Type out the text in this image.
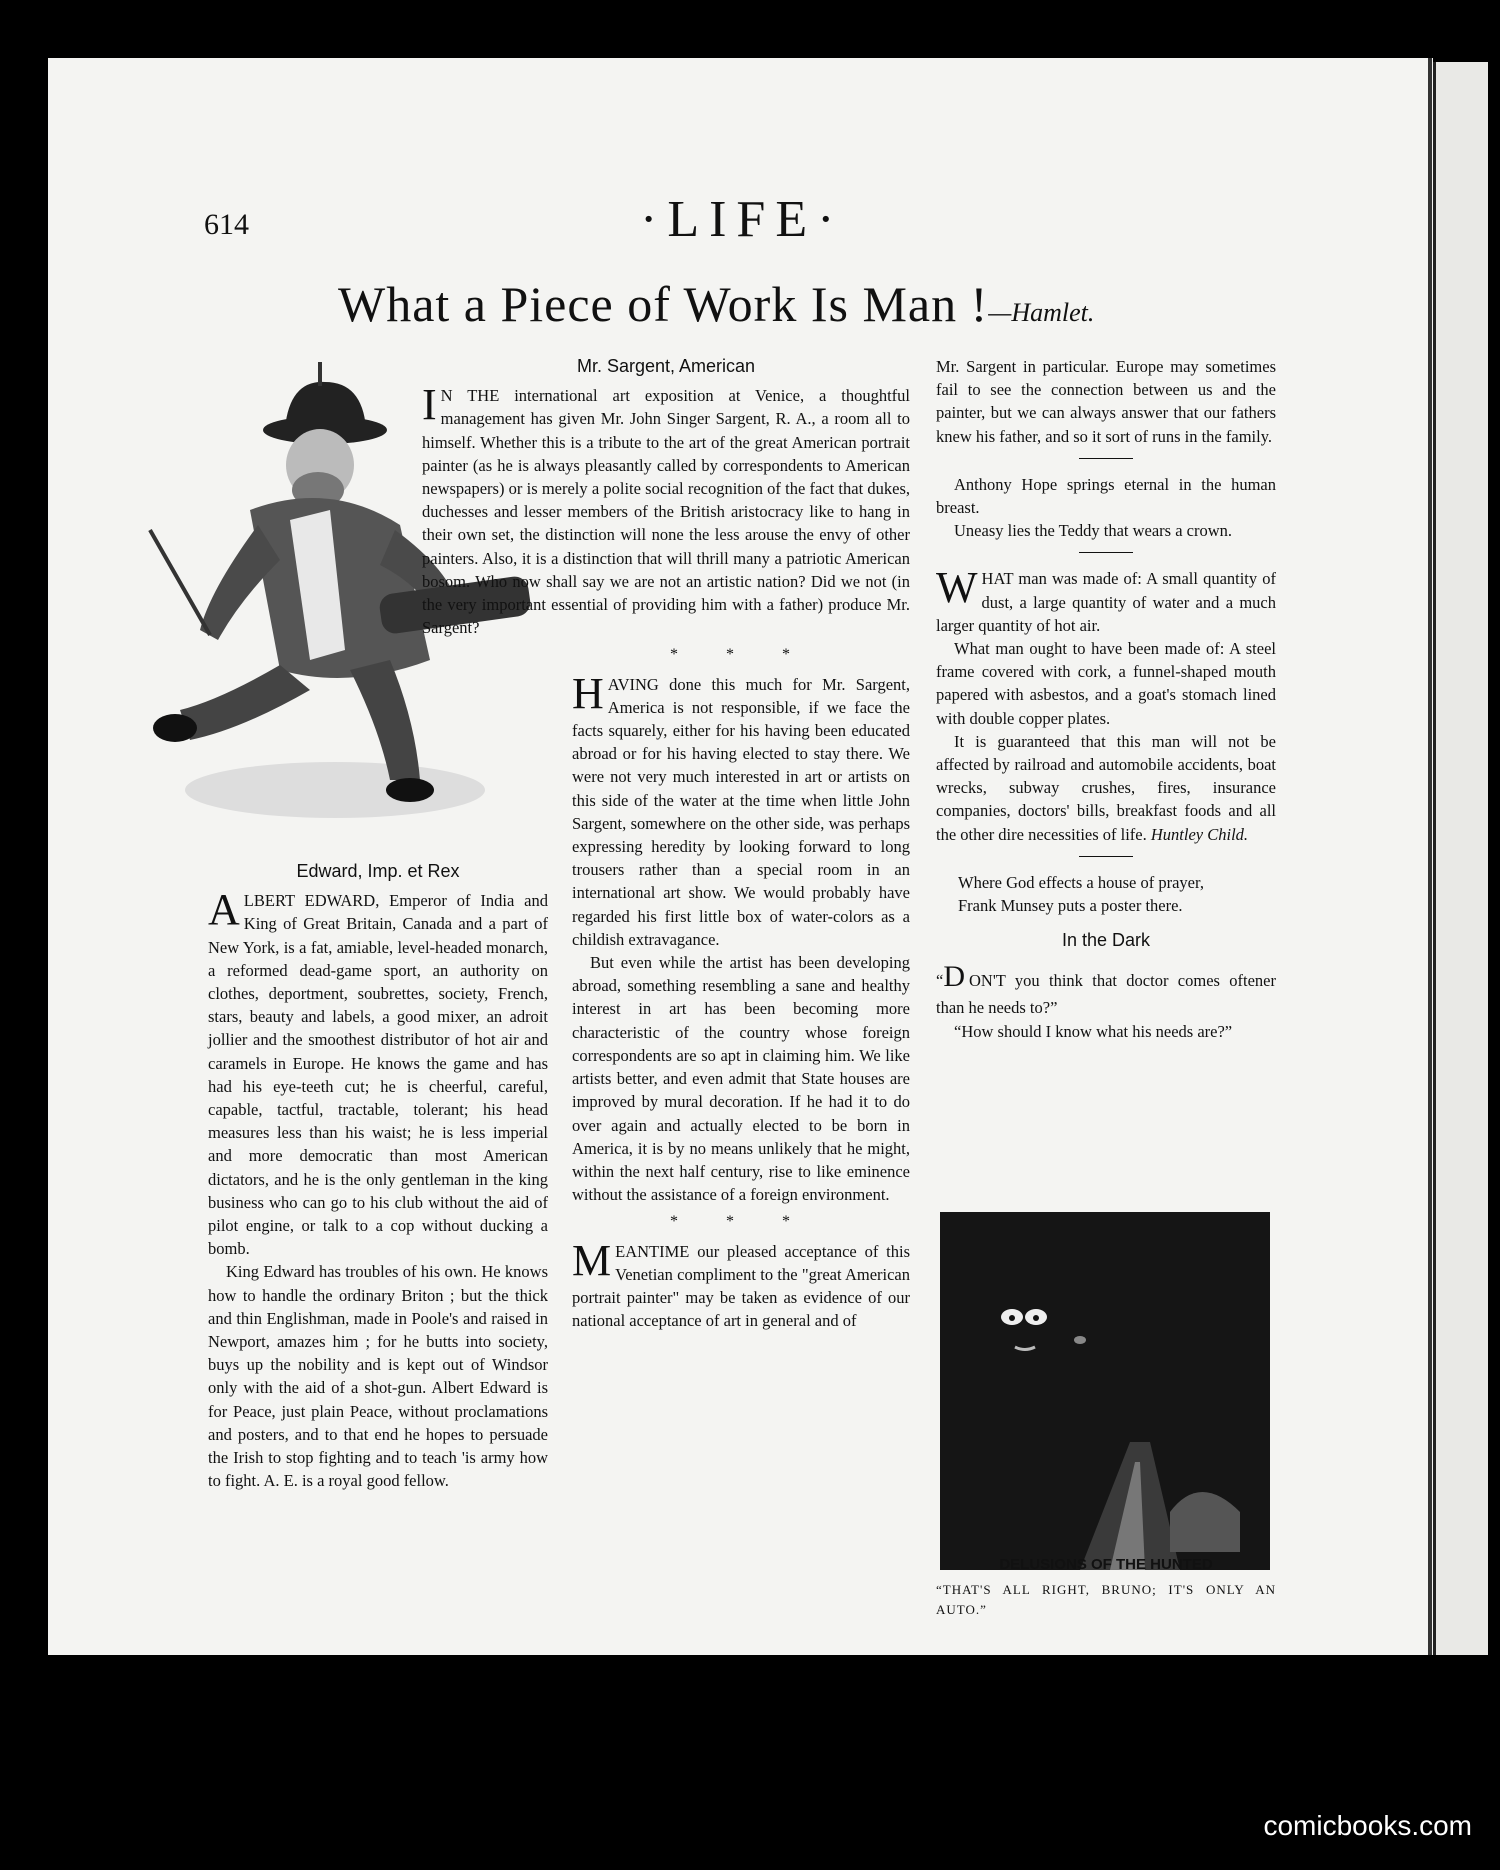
614	·LIFE·
What a Piece of Work Is Man !—Hamlet.
Edward, Imp. et Rex

ALBERT EDWARD, Emperor of India and King of Great Britain, Canada and a part of New York, is a fat, amiable, level-headed monarch, a reformed dead-game sport, an authority on clothes, deportment, soubrettes, society, French, stars, beauty and labels, a good mixer, an adroit jollier and the smoothest distributor of hot air and caramels in Europe. He knows the game and has had his eye-teeth cut; he is cheerful, careful, capable, tactful, tractable, tolerant; his head measures less than his waist; he is less imperial and more democratic than most American dictators, and he is the only gentleman in the king business who can go to his club without the aid of pilot engine, or talk to a cop without ducking a bomb.

King Edward has troubles of his own. He knows how to handle the ordinary Briton ; but the thick and thin Englishman, made in Poole's and raised in Newport, amazes him ; for he butts into society, buys up the nobility and is kept out of Windsor only with the aid of a shot-gun. Albert Edward is for Peace, just plain Peace, without proclamations and posters, and to that end he hopes to persuade the Irish to stop fighting and to teach 'is army how to fight. A. E. is a royal good fellow.

Mr. Sargent, American

I N THE international art exposition at Venice, a thoughtful management has given Mr. John Singer Sargent, R. A., a room all to himself. Whether this is a tribute to the art of the great American portrait painter (as he is always pleasantly called by correspondents to American newspapers) or is merely a polite social recognition of the fact that dukes, duchesses and lesser members of the British aristocracy like to hang in their own set, the distinction will none the less arouse the envy of other painters. Also, it is a distinction that will thrill many a patriotic American bosom. Who now shall say we are not an artistic nation? Did we not (in the very important essential of providing him with a father) produce Mr. Sargent?

* * *

HAVING done this much for Mr. Sargent, America is not responsible, if we face the facts squarely, either for his having been educated abroad or for his having elected to stay there. We were not very much interested in art or artists on this side of the water at the time when little John Sargent, somewhere on the other side, was perhaps expressing heredity by looking forward to long trousers rather than a special room in an international art show. We would probably have regarded his first little box of water-colors as a childish extravagance.

But even while the artist has been developing abroad, something resembling a sane and healthy interest in art has been becoming more characteristic of the country whose foreign correspondents are so apt in claiming him. We like artists better, and even admit that State houses are improved by mural decoration. If he had it to do over again and actually elected to be born in America, it is by no means unlikely that he might, within the next half century, rise to like eminence without the assistance of a foreign environment.

* * *

MEANTIME our pleased acceptance of this Venetian compliment to the "great American portrait painter" may be taken as evidence of our national acceptance of art in general and of

Mr. Sargent in particular. Europe may sometimes fail to see the connection between us and the painter, but we can always answer that our fathers knew his father, and so it sort of runs in the family.

Anthony Hope springs eternal in the human breast.

Uneasy lies the Teddy that wears a crown.

WHAT man was made of: A small quantity of dust, a large quantity of water and a much larger quantity of hot air.

What man ought to have been made of: A steel frame covered with cork, a funnel-shaped mouth papered with asbestos, and a goat's stomach lined with double copper plates.

It is guaranteed that this man will not be affected by railroad and automobile accidents, boat wrecks, subway crushes, fires, insurance companies, doctors' bills, breakfast foods and all the other dire necessities of life. Huntley Child.

Where God effects a house of prayer,

Frank Munsey puts a poster there.

In the Dark

“D ON'T you think that doctor comes oftener than he needs to?”

“How should I know what his needs are?”

DELUSIONS OF THE HUNTED
“THAT'S ALL RIGHT, BRUNO; IT'S ONLY AN AUTO.”
comicbooks.com
